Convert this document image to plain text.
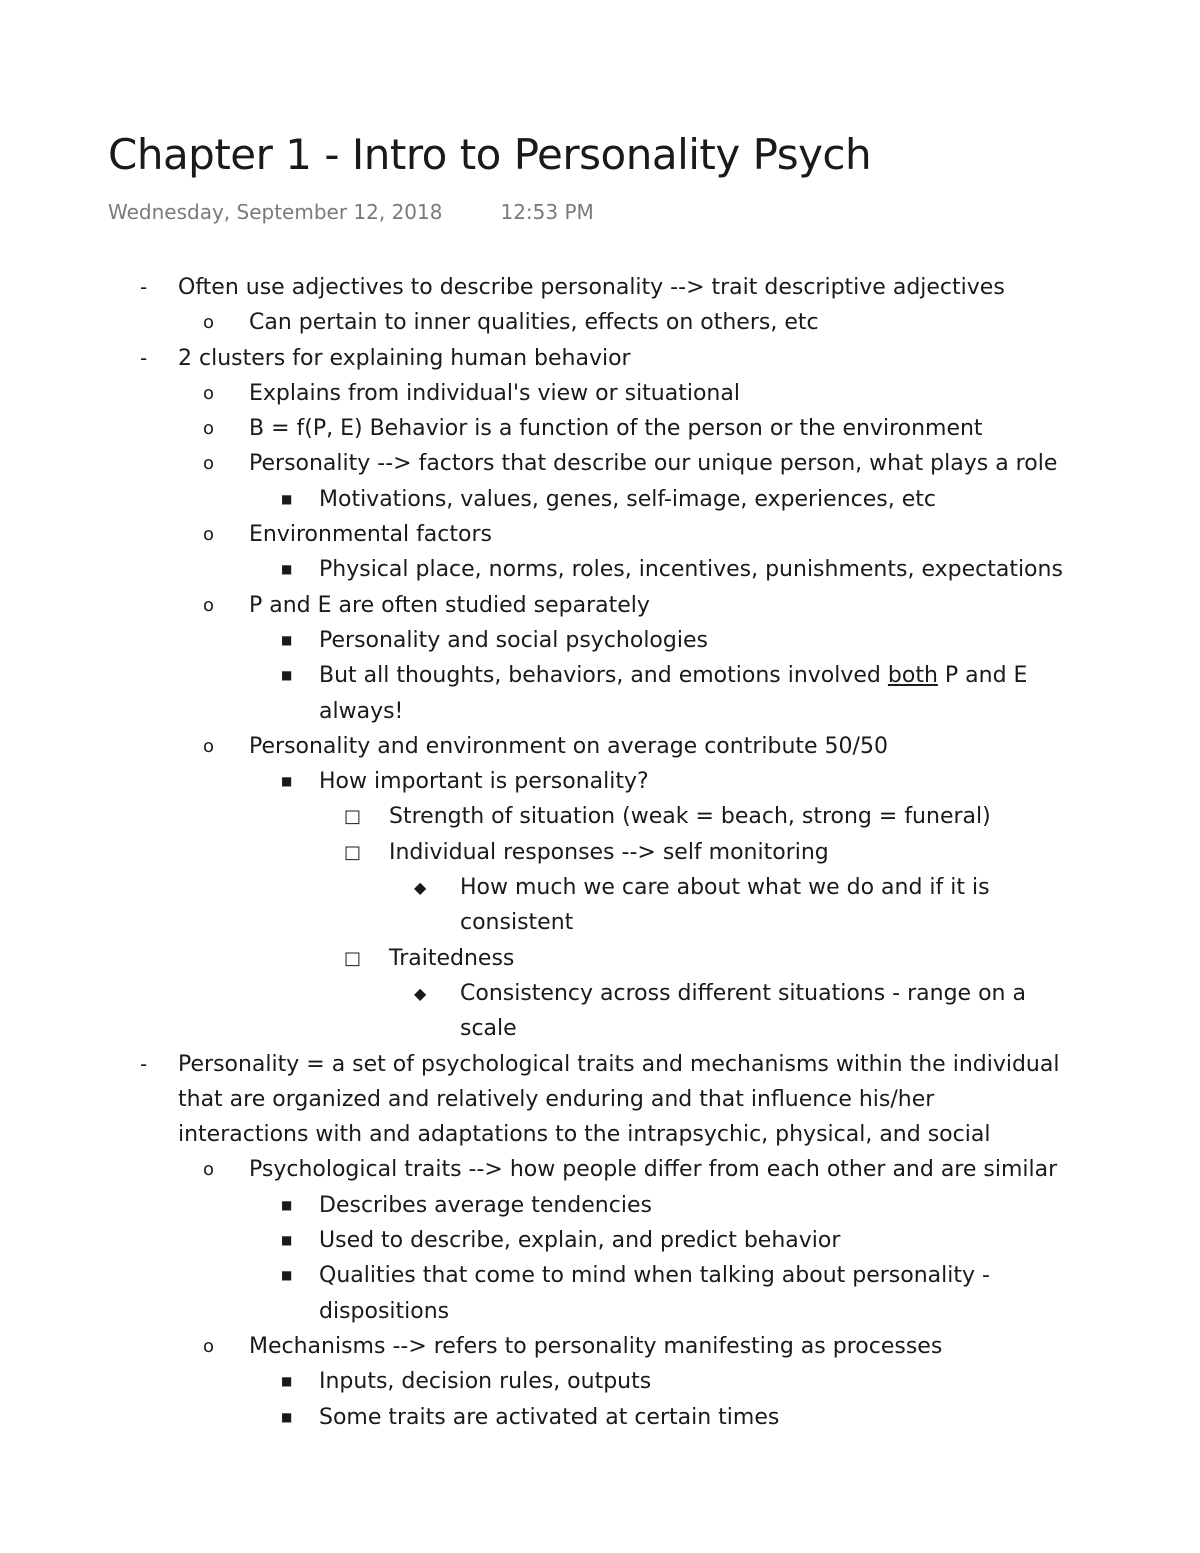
Chapter 1 - Intro to Personality Psych
Wednesday, September 12, 2018	12:53 PM
- Often use adjectives to describe personality --> trait descriptive adjectives
o Can pertain to inner qualities, effects on others, etc
- 2 clusters for explaining human behavior
o Explains from individual's view or situational
o B = f(P, E) Behavior is a function of the person or the environment
o Personality --> factors that describe our unique person, what plays a role
■ Motivations, values, genes, self-image, experiences, etc
o Environmental factors
■ Physical place, norms, roles, incentives, punishments, expectations
o P and E are often studied separately
■ Personality and social psychologies
■ But all thoughts, behaviors, and emotions involved both P and E
always!
o Personality and environment on average contribute 50/50
■ How important is personality?
□ Strength of situation (weak = beach, strong = funeral)
□ Individual responses --> self monitoring
◆ How much we care about what we do and if it is
consistent
□ Traitedness
◆ Consistency across different situations - range on a
scale
- Personality = a set of psychological traits and mechanisms within the individual
that are organized and relatively enduring and that influence his/her
interactions with and adaptations to the intrapsychic, physical, and social
o Psychological traits --> how people differ from each other and are similar
■ Describes average tendencies
■ Used to describe, explain, and predict behavior
■ Qualities that come to mind when talking about personality -
dispositions
o Mechanisms --> refers to personality manifesting as processes
■ Inputs, decision rules, outputs
■ Some traits are activated at certain times
